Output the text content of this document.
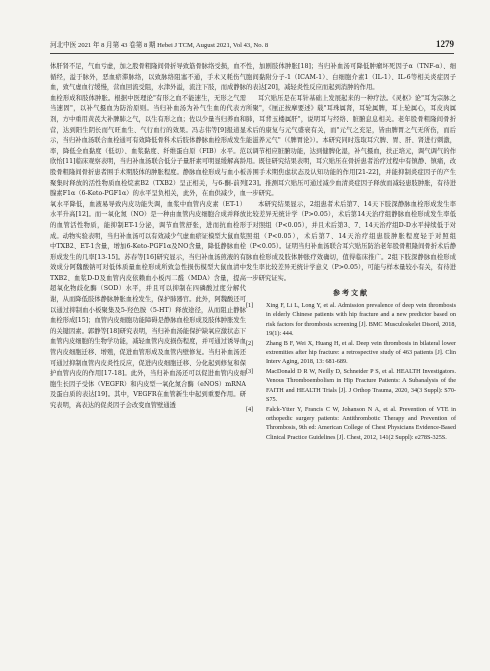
河北中医 2021 年 8 月第 43 卷第 8 期 Hebei J TCM, August 2021, Vol 43, No. 8	1279

体肝肾不足，气血亏虚，加之股骨粗隆间骨折导致筋骨脉络受损，血不循经，溢于脉外，恶血瘀滞脉络，以致脉络阻塞不通，手术又耗伤气血，致气虚血行缓慢，营血回流受阻，水津外溢，流注下肢，而成静脉血栓形成和肢体肿胀。根据中医理论"有形之血不能速生，无形之气需当速固"，以补气摄血为防治原则。当归补血汤为补气生血的代表方剂，方中重用黄芪大补脾肺之气，以生有形之血；佐以少量当归养血和营，达到阳生阴长而气旺血生、气行血行的效果。冯志伟等[9]报道显示，当归补血汤联合血栓通可有效降低骨科术后肢体静脉血栓形成发生率，降低全血黏度（低切）、血浆黏度、纤维蛋白原（FIB）水平。范欣怡[11]临床观察表明，当归补血汤联合低分子量肝素可明显缓解高龄股骨粗隆间骨折患者围手术期肢体的肿胀程度。静脉血栓形成与血小板聚集时释放的活性物质血栓烷素B2（TXB2）呈正相关，与6-酮-前列腺素F1α（6-Keto-PGF1α）的水平呈负相关，此外，在血供减少，血氧水平降低，血液易导致内皮功能失调，血浆中血管内皮素（ET-1）水平升高[12]。而一氧化氮（NO）是一种由血管内皮细胞合成并释放的血管活性物质，能抑制ET-1分泌，调节血管舒张，进而抗血栓形成。动物实验表明，当归补血汤可以有效减少气虚血瘀证模型大鼠血浆中TXB2、ET-1含量，增加6-Keto-PGF1α及NO含量，降低静脉血栓形成发生的几率[13-15]。苏春等[16]研究显示，当归补血汤煎液的有效成分阿魏酸钠可对低体质量血栓形成所致急性损伤模型大鼠血清中TXB2、血浆D-D及血管内皮依赖血小板丙二醛（MDA）含量，提高超氧化物歧化酶（SOD）水平，并且可以抑制在四磷酸过度分解代谢，从而降低肢体静脉肿胀血栓发生，保护肺器官。此外，阿魏酸还可以通过抑制血小板聚集及5-羟色胺（5-HT）释放途径，从而阻止静脉血栓形成[15]；血管内皮细胞功能障碍是静脉血栓形成及肢体肿胀发生的关键因素。郭静等[18]研究表明，当归补血汤能保护缺氧应激状态下血管内皮细胞的生物学功能，减轻血管内皮损伤程度，并可通过诱导血管内皮细胞迁移、增殖，促进血管形成及血管内壁修复。当归补血汤还可通过抑制血管内皮炎性反应，促进内皮细胞迁移、分化起到修复和保护血管内皮的作用[17-18]。此外，当归补血汤还可以促进血管内皮细胞生长因子受体（VEGFR）和内皮型一氧化氮合酶（eNOS）mRNA及蛋白质的表达[19]。其中，VEGFR在血管新生中起到重要作用。研究表明，高表达的促炎因子会改变血管壁通透

性，加剧肢体肿胀[18]；当归补血汤可降低肿瘤坏死因子α（TNF-α）、细胞间黏附分子-1（ICAM-1）、白细胞介素1（IL-1）、IL-6等相关炎症因子的表达[20]，减轻炎性反应而起到消肿的作用。

耳穴贴压是在耳针基础上发展起来的一种疗法。《灵枢》论"耳为宗脉之所聚"，《厘正按摩要述》载"耳珠属肾，耳轮属脾，耳上轮属心，耳皮肉属肺，耳背玉楼属肝"，说明耳与经络、脏腑息息相关。老年股骨粗隆间骨折术后的康复与元气盛衰有关，而"元气之充足，皆由脾胃之气无所伤，而后能滋养元气"（《脾胃论》）。本研究同时选取耳穴脾、胃、肝、肾进行刺激，以调节相应脏腑功能，达到健脾化湿，补气摄血，扶正培元，调气调气的作用。既往研究结果表明，耳穴贴压在骨折患者治疗过程中有镇静、镇痛，改善围手术期焦虑状态及认知功能的作用[21-22]，并能抑制炎症因子的产生[23]。推测耳穴贴压可通过减少血清炎症因子释放而减轻患肢肿胀，有待进一步研究。

本研究结果显示，2组患者术后第7、14天下肢深静脉血栓形成发生率比较差异无统计学（P>0.05），术后第14天治疗组静脉血栓形成发生率低于对照组（P<0.05），并且术后第3、7、14天治疗组D-D水平持续低于对照组（P<0.05），术后第7、14天治疗组患肢肿胀程度轻于对照组（P<0.05）。证明当归补血汤联合耳穴贴压防治老年股骨粗隆间骨折术后静脉血栓形成及肢体肿胀疗效确切，值得临床推广。2组下肢深静脉血栓形成发生率比较差异无统计学意义（P>0.05），可能与样本量较小有关，有待进一步研究证实。

参考文献
[1]	Xing F, Li L, Long Y, et al. Admission prevalence of deep vein thrombosis in elderly Chinese patients with hip fracture and a new predictor based on risk factors for thrombosis screening [J]. BMC Musculoskelet Disord, 2018, 19(1): 444.
[2]	Zhang B F, Wei X, Huang H, et al. Deep vein thrombosis in bilateral lower extremities after hip fracture: a retrospective study of 463 patients [J]. Clin Interv Aging, 2018, 13: 681-689.
[3]	MacDonald D R W, Neilly D, Schneider P S, et al. HEALTH Investigators. Venous Thromboembolism in Hip Fracture Patients: A Subanalysis of the FAITH and HEALTH Trials [J]. J Orthop Trauma, 2020, 34(3 Suppl): S70-S75.
[4]	Falck-Ytter Y, Francis C W, Johanson N A, et al. Prevention of VTE in orthopedic surgery patients: Antithrombotic Therapy and Prevention of Thrombosis, 9th ed: American College of Chest Physicians Evidence-Based Clinical Practice Guidelines [J]. Chest, 2012, 141(2 Suppl): e278S-325S.
